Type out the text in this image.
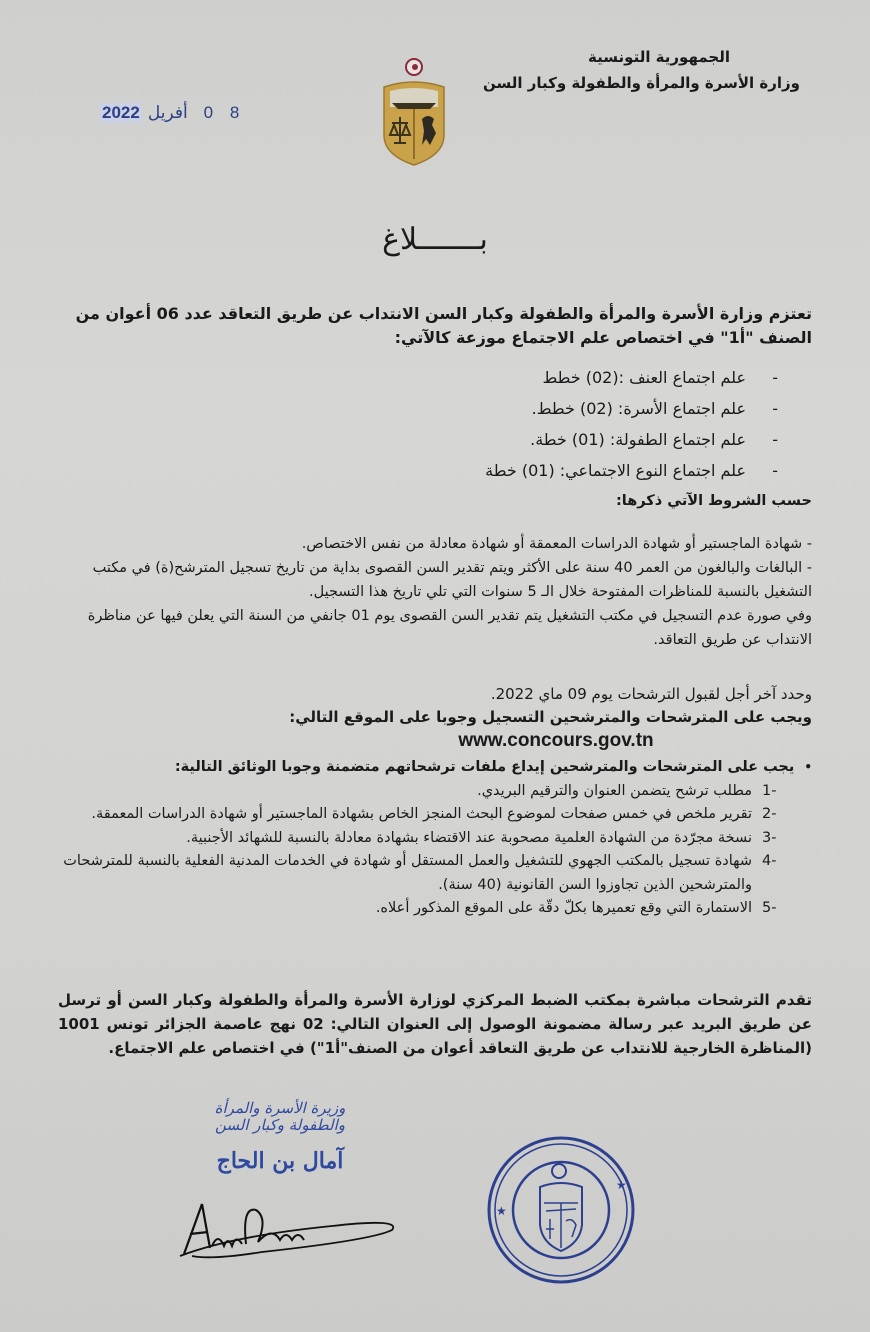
الجمهورية التونسية
وزارة الأسرة والمرأة والطفولة وكبار السن
2022 أفريل 0 8
بـــــــلاغ
تعتزم وزارة الأسرة والمرأة والطفولة وكبار السن الانتداب عن طريق التعاقد عدد 06 أعوان من الصنف "أ1" في اختصاص علم الاجتماع موزعة كالآتي:
-
علم اجتماع العنف :(02) خطط
-
علم اجتماع الأسرة: (02) خطط.
-
علم اجتماع الطفولة: (01) خطة.
-
علم اجتماع النوع الاجتماعي: (01) خطة
حسب الشروط الآتي ذكرها:
- شهادة الماجستير أو شهادة الدراسات المعمقة أو شهادة معادلة من نفس الاختصاص.
- البالغات والبالغون من العمر 40 سنة على الأكثر ويتم تقدير السن القصوى بداية من تاريخ تسجيل المترشح(ة) في مكتب التشغيل بالنسبة للمناظرات المفتوحة خلال الـ 5 سنوات التي تلي تاريخ هذا التسجيل.
وفي صورة عدم التسجيل في مكتب التشغيل يتم تقدير السن القصوى يوم 01 جانفي من السنة التي يعلن فيها عن مناظرة الانتداب عن طريق التعاقد.
وحدد آخر أجل لقبول الترشحات يوم 09 ماي 2022.
ويجب على المترشحات والمترشحين التسجيل وجوبا على الموقع التالي:
www.concours.gov.tn
•
يجب على المترشحات والمترشحين إيداع ملفات ترشحاتهم متضمنة وجوبا الوثائق التالية:
1-
مطلب ترشح يتضمن العنوان والترقيم البريدي.
2-
تقرير ملخص في خمس صفحات لموضوع البحث المنجز الخاص بشهادة الماجستير أو شهادة الدراسات المعمقة.
3-
نسخة مجرّدة من الشهادة العلمية مصحوبة عند الاقتضاء بشهادة معادلة بالنسبة للشهائد الأجنبية.
4-
شهادة تسجيل بالمكتب الجهوي للتشغيل والعمل المستقل أو شهادة في الخدمات المدنية الفعلية بالنسبة للمترشحات والمترشحين الذين تجاوزوا السن القانونية (40 سنة).
5-
الاستمارة التي وقع تعميرها بكلّ دقّة على الموقع المذكور أعلاه.
تقدم الترشحات مباشرة بمكتب الضبط المركزي لوزارة الأسرة والمرأة والطفولة وكبار السن أو ترسل عن طريق البريد عبر رسالة مضمونة الوصول إلى العنوان التالي: 02 نهج عاصمة الجزائر تونس 1001 (المناظرة الخارجية للانتداب عن طريق التعاقد أعوان من الصنف"أ1") في اختصاص علم الاجتماع.
وزيرة الأسرة والمرأة
والطفولة وكبار السن
آمال بن الحاج
★
★
